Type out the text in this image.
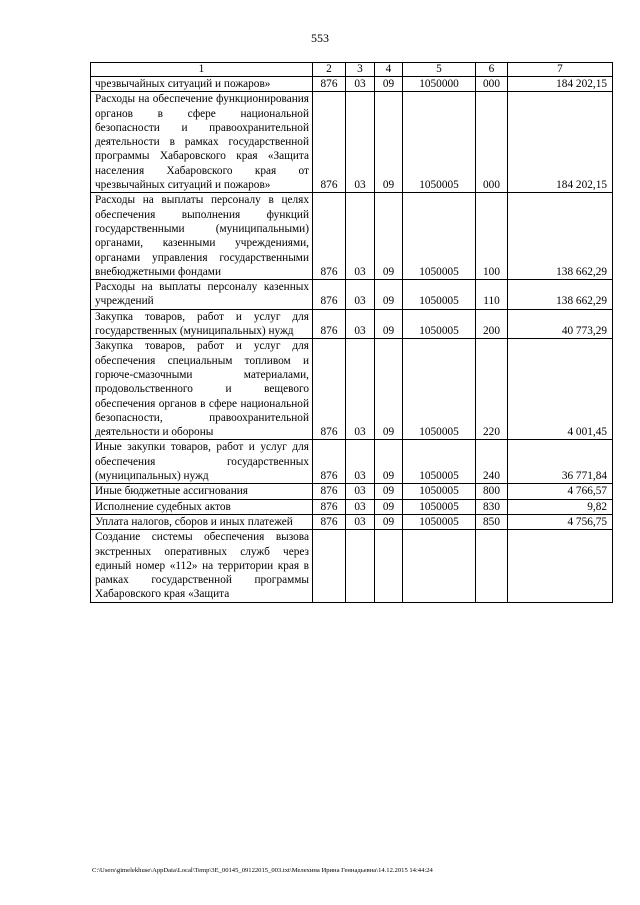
553
1	2	3	4	5	6	7
чрезвычайных ситуаций и пожаров»	876	03	09	1050000	000	184 202,15
Расходы на обеспечение функционирования органов в сфере национальной безопасности и правоохранительной деятельности в рамках государственной программы Хабаровского края «Защита населения Хабаровского края от чрезвычайных ситуаций и пожаров»	876	03	09	1050005	000	184 202,15
Расходы на выплаты персоналу в целях обеспечения выполнения функций государственными (муниципальными) органами, казенными учреждениями, органами управления государственными внебюджетными фондами	876	03	09	1050005	100	138 662,29
Расходы на выплаты персоналу казенных учреждений	876	03	09	1050005	110	138 662,29
Закупка товаров, работ и услуг для государственных (муниципальных) нужд	876	03	09	1050005	200	40 773,29
Закупка товаров, работ и услуг для обеспечения специальным топливом и горюче-смазочными материалами, продовольственного и вещевого обеспечения органов в сфере национальной безопасности, правоохранительной деятельности и обороны	876	03	09	1050005	220	4 001,45
Иные закупки товаров, работ и услуг для обеспечения государственных (муниципальных) нужд	876	03	09	1050005	240	36 771,84
Иные бюджетные ассигнования	876	03	09	1050005	800	4 766,57
Исполнение судебных актов	876	03	09	1050005	830	9,82
Уплата налогов, сборов и иных платежей	876	03	09	1050005	850	4 756,75
Создание системы обеспечения вызова экстренных оперативных служб через единый номер «112» на территории края в рамках государственной программы Хабаровского края «Защита						
C:\Users\gimelekhuse\AppData\Local\Temp\3E_00145_09122015_003.txt\Мелехина Ирина Геннадьевна\14.12.2015 14:44:24
